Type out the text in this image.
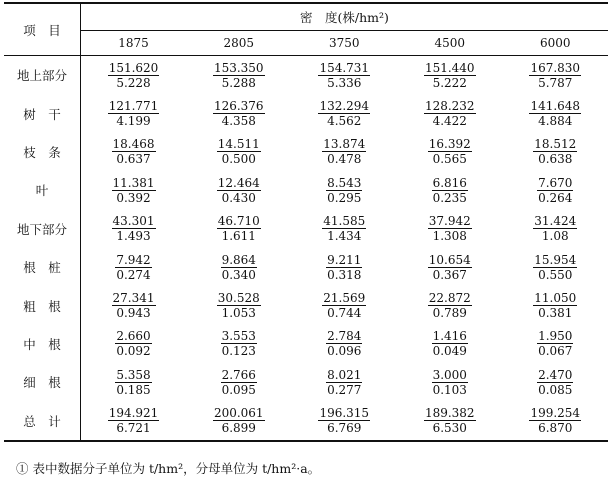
项　目	密　度(株/hm²)				
	1875	2805	3750	4500	6000
地上部分	$\frac{151.620}{5.228}$	$\frac{153.350}{5.288}$	$\frac{154.731}{5.336}$	$\frac{151.440}{5.222}$	$\frac{167.830}{5.787}$

树　干	$\frac{121.771}{4.199}$	$\frac{126.376}{4.358}$	$\frac{132.294}{4.562}$	$\frac{128.232}{4.422}$	$\frac{141.648}{4.884}$

枝　条	$\frac{18.468}{0.637}$	$\frac{14.511}{0.500}$	$\frac{13.874}{0.478}$	$\frac{16.392}{0.565}$	$\frac{18.512}{0.638}$

叶	$\frac{11.381}{0.392}$	$\frac{12.464}{0.430}$	$\frac{8.543}{0.295}$	$\frac{6.816}{0.235}$	$\frac{7.670}{0.264}$

地下部分	$\frac{43.301}{1.493}$	$\frac{46.710}{1.611}$	$\frac{41.585}{1.434}$	$\frac{37.942}{1.308}$	$\frac{31.424}{1.08}$

根　桩	$\frac{7.942}{0.274}$	$\frac{9.864}{0.340}$	$\frac{9.211}{0.318}$	$\frac{10.654}{0.367}$	$\frac{15.954}{0.550}$

粗　根	$\frac{27.341}{0.943}$	$\frac{30.528}{1.053}$	$\frac{21.569}{0.744}$	$\frac{22.872}{0.789}$	$\frac{11.050}{0.381}$

中　根	$\frac{2.660}{0.092}$	$\frac{3.553}{0.123}$	$\frac{2.784}{0.096}$	$\frac{1.416}{0.049}$	$\frac{1.950}{0.067}$

细　根	$\frac{5.358}{0.185}$	$\frac{2.766}{0.095}$	$\frac{8.021}{0.277}$	$\frac{3.000}{0.103}$	$\frac{2.470}{0.085}$

总　计	$\frac{194.921}{6.721}$	$\frac{200.061}{6.899}$	$\frac{196.315}{6.769}$	$\frac{189.382}{6.530}$	$\frac{199.254}{6.870}$
① 表中数据分子单位为 t/hm²，分母单位为 t/hm²·a。
